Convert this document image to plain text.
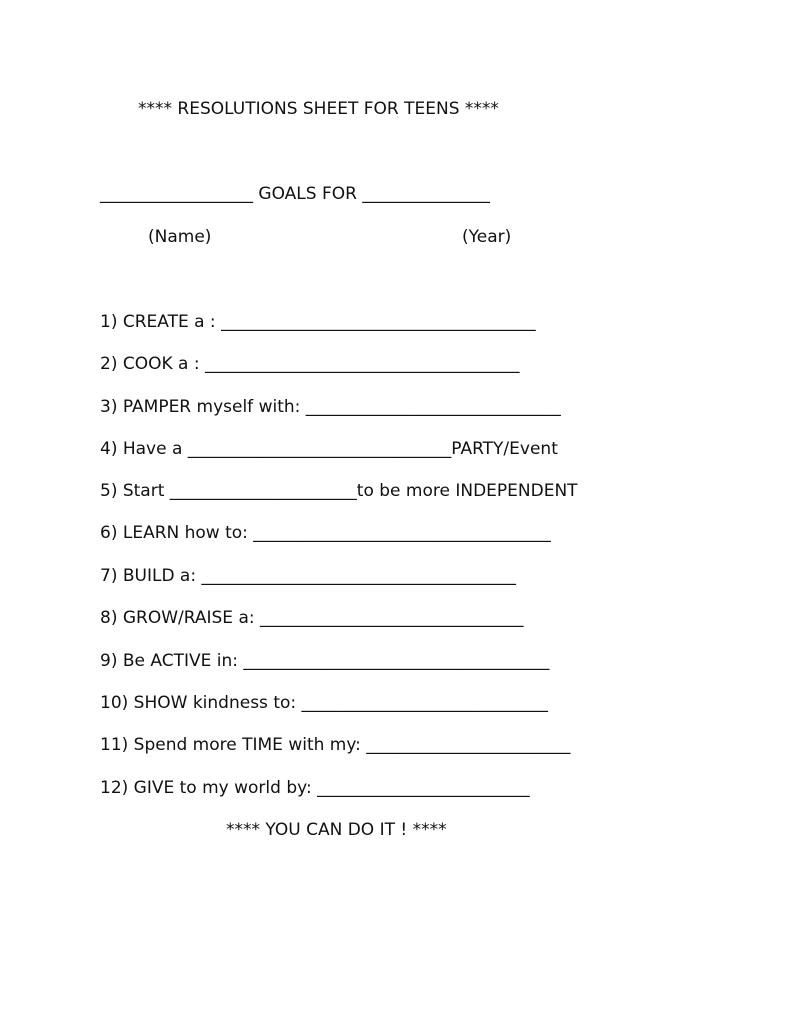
**** RESOLUTIONS SHEET FOR TEENS ****
__________________ GOALS FOR _______________
(Name)	(Year)
1) CREATE a : _____________________________________
2) COOK a : _____________________________________
3) PAMPER myself with: ______________________________
4) Have a _______________________________PARTY/Event
5) Start ______________________to be more INDEPENDENT
6) LEARN how to: ___________________________________
7) BUILD a: _____________________________________
8) GROW/RAISE a: _______________________________
9) Be ACTIVE in: ____________________________________
10) SHOW kindness to: _____________________________
11) Spend more TIME with my: ________________________
12) GIVE to my world by: _________________________
**** YOU CAN DO IT ! ****
